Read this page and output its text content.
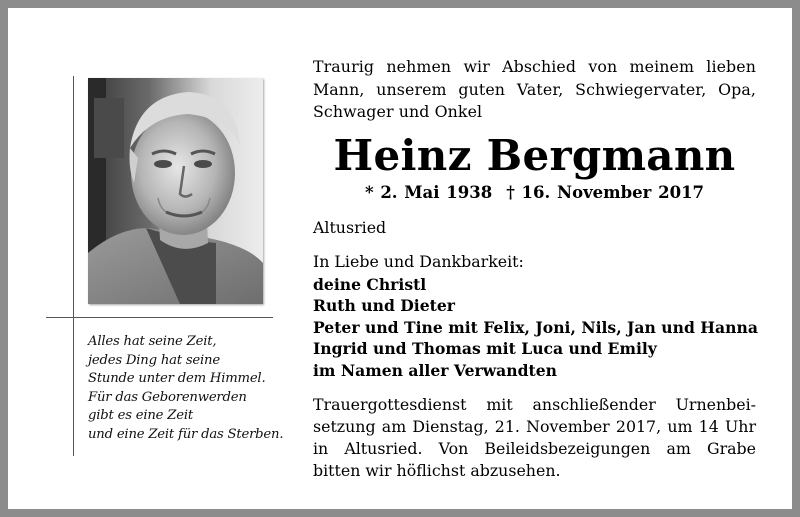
Alles hat seine Zeit,
jedes Ding hat seine
Stunde unter dem Himmel.
Für das Geborenwerden
gibt es eine Zeit
und eine Zeit für das Sterben.
Traurig nehmen wir Abschied von meinem lieben
Mann, unserem guten Vater, Schwiegervater, Opa,
Schwager und Onkel
Heinz Bergmann
* 2. Mai 1938 † 16. November 2017
Altusried
In Liebe und Dankbarkeit:
deine Christl
Ruth und Dieter
Peter und Tine mit Felix, Joni, Nils, Jan und Hanna
Ingrid und Thomas mit Luca und Emily
im Namen aller Verwandten
Trauergottesdienst mit anschließender Urnenbei-
setzung am Dienstag, 21. November 2017, um 14 Uhr
in Altusried. Von Beileidsbezeigungen am Grabe
bitten wir höflichst abzusehen.
